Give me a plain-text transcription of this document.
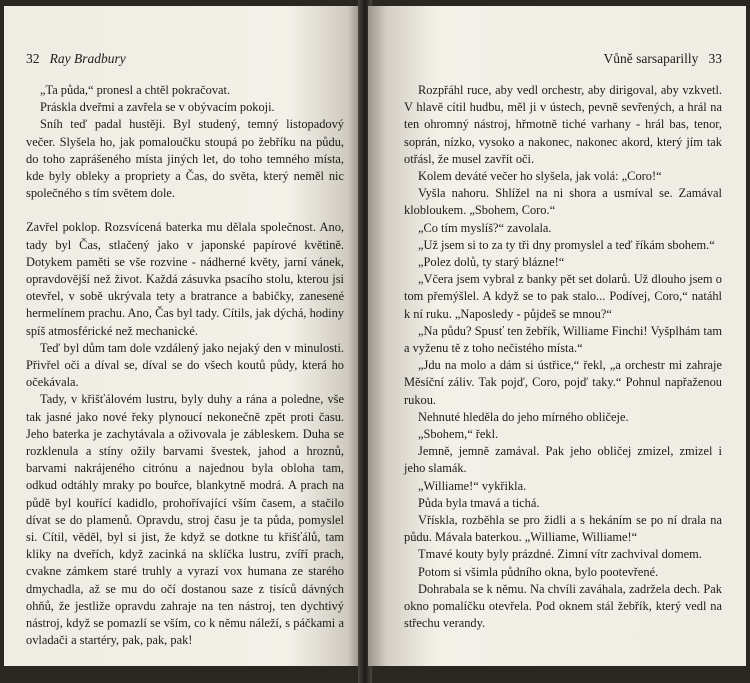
32 Ray Bradbury

„Ta půda,“ pronesl a chtěl pokračovat.

Práskla dveřmi a zavřela se v obývacím pokoji.

Sníh teď padal hustěji. Byl studený, temný listopadový večer. Slyšela ho, jak pomaloučku stoupá po žebříku na půdu, do toho zaprášeného místa jiných let, do toho temného místa, kde byly obleky a proprіety a Čas, do světa, který neměl nic společného s tím světem dole.

Zavřel poklop. Rozsvícená baterka mu dělala společnost. Ano, tady byl Čas, stlačený jako v japonské papírové květině. Dotykem paměti se vše rozvine - nádherné květy, jarní vánek, opravdovější než život. Každá zásuvka psacího stolu, kterou jsi otevřel, v sobě ukrývala tety a bratrance a babičky, zanesené hermelínem prachu. Ano, Čas byl tady. Cítils, jak dýchá, hodiny spíš atmosférické než mechanické.

Teď byl dům tam dole vzdálený jako nejaký den v minulosti. Přivřel oči a díval se, díval se do všech koutů půdy, která ho očekávala.

Tady, v křišťálovém lustru, byly duhy a rána a poledne, vše tak jasné jako nové řeky plynoucí nekonečně zpět proti času. Jeho baterka je zachytávala a oživovala je zábleskem. Duha se rozklenula a stíny ožily barvami švestek, jahod a hroznů, barvami nakrájeného citrónu a najednou byla obloha tam, odkud odtáhly mraky po bouřce, blankytně modrá. A prach na půdě byl kouřící kadidlo, prohořívající vším časem, a stačilo dívat se do plamenů. Opravdu, stroj času je ta půda, pomyslel si. Cítil, věděl, byl si jist, že když se dotkne tu křišťálů, tam kliky na dveřích, když zacinká na sklíčka lustru, zvíří prach, cvakne zámkem staré truhly a vyrazí vox humana ze starého dmychadla, až se mu do očí dostanou saze z tisíců dávných ohňů, že jestliže opravdu zahraje na ten nástroj, ten dychtivý nástroj, když se pomazlí se vším, co k němu náleží, s páčkami a ovladači a startéry, pak, pak, pak!

Vůně sarsaparilly 33

Rozpřáhl ruce, aby vedl orchestr, aby dirigoval, aby vzkvetl. V hlavě cítil hudbu, měl ji v ústech, pevně sevřených, a hrál na ten ohromný nástroj, hřmotně tiché varhany - hrál bas, tenor, soprán, nízko, vysoko a nakonec, nakonec akord, který jím tak otřásl, že musel zavřít oči.

Kolem deváté večer ho slyšela, jak volá: „Coro!“

Vyšla nahoru. Shlížel na ni shora a usmíval se. Zamával klobloukem. „Sbohem, Coro.“

„Co tím myslíš?“ zavolala.

„Už jsem si to za ty tři dny promyslel a teď říkám sbohem.“

„Polez dolů, ty starý blázne!“

„Včera jsem vybral z banky pět set dolarů. Už dlouho jsem o tom přemýšlel. A když se to pak stalo... Podívej, Coro,“ natáhl k ní ruku. „Naposledy - půjdeš se mnou?“

„Na půdu? Spusť ten žebřík, Williame Finchi! Vyšplhám tam a vyženu tě z toho nečistého místa.“

„Jdu na molo a dám si ústřice,“ řekl, „a orchestr mi zahraje Měsíční záliv. Tak pojď, Coro, pojď taky.“ Pohnul napřaženou rukou.

Nehnuté hleděla do jeho mírného obličeje.

„Sbohem,“ řekl.

Jemně, jemně zamával. Pak jeho obličej zmizel, zmizel i jeho slamák.

„Williame!“ vykřikla.

Půda byla tmavá a tichá.

Vřískla, rozběhla se pro židli a s hekáním se po ní drala na půdu. Mávala baterkou. „Williame, Williame!“

Tmavé kouty byly prázdné. Zimní vítr zachvival domem.

Potom si všimla půdního okna, bylo pootevřené.

Dohrabala se k němu. Na chvíli zaváhala, zadržela dech. Pak okno pomalíčku otevřela. Pod oknem stál žebřík, který vedl na střechu verandy.
